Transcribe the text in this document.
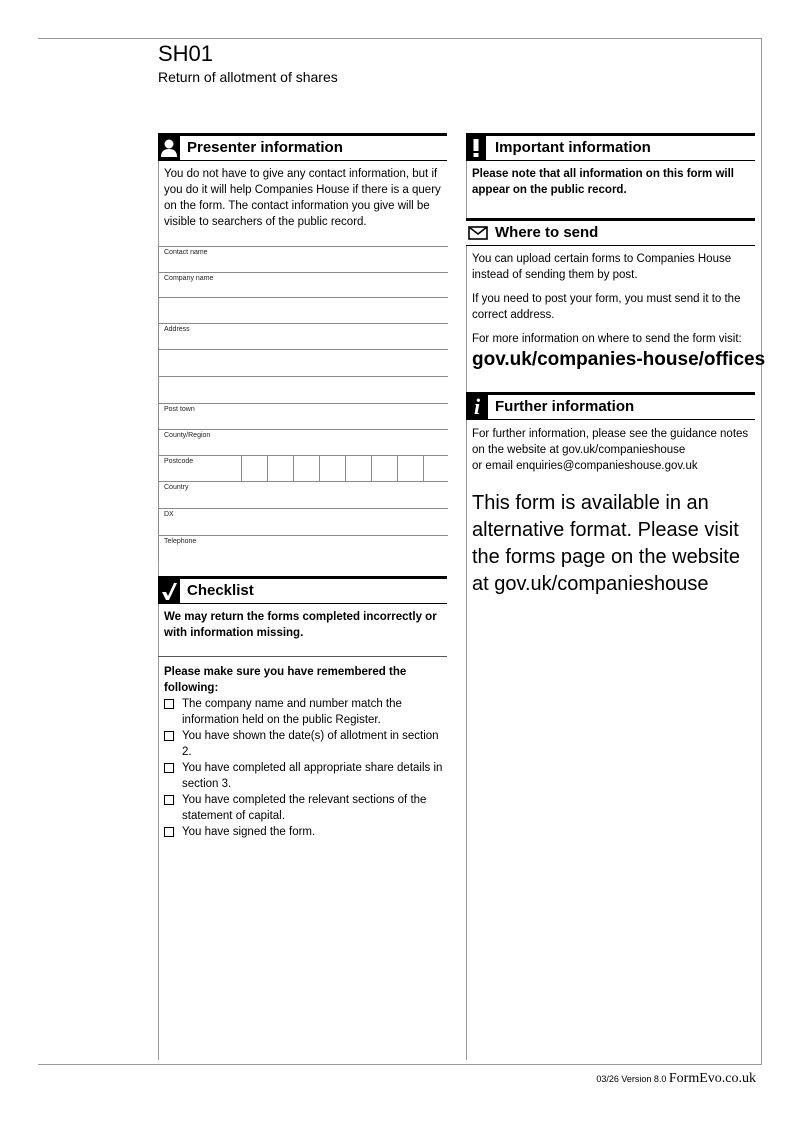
SH01
Return of allotment of shares
Presenter information
You do not have to give any contact information, but if you do it will help Companies House if there is a query on the form. The contact information you give will be visible to searchers of the public record.
Contact name
Company name
Address
Post town
County/Region
Postcode
Country
DX
Telephone
Checklist
We may return the forms completed incorrectly or with information missing.
Please make sure you have remembered the following:
The company name and number match the information held on the public Register.
You have shown the date(s) of allotment in section 2.
You have completed all appropriate share details in section 3.
You have completed the relevant sections of the statement of capital.
You have signed the form.
Important information
Please note that all information on this form will appear on the public record.
Where to send
You can upload certain forms to Companies House instead of sending them by post.
If you need to post your form, you must send it to the correct address.
For more information on where to send the form visit:
gov.uk/companies-house/offices
i Further information
For further information, please see the guidance notes
on the website at gov.uk/companieshouse
or email enquiries@companieshouse.gov.uk
This form is available in an alternative format. Please visit the forms page on the website at gov.uk/companieshouse
03/26 Version 8.0 FormEvo.co.uk
